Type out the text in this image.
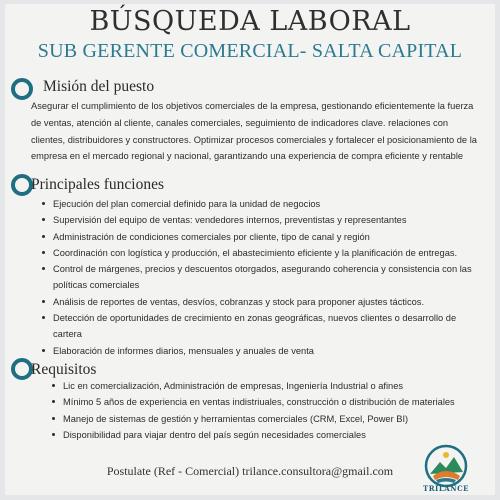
BÚSQUEDA LABORAL
SUB GERENTE COMERCIAL- SALTA CAPITAL
Misión del puesto

Asegurar el cumplimiento de los objetivos comerciales de la empresa, gestionando eficientemente la fuerza de ventas, atención al cliente, canales comerciales, seguimiento de indicadores clave. relaciones con clientes, distribuidores y constructores. Optimizar procesos comerciales y fortalecer el posicionamiento de la empresa en el mercado regional y nacional, garantizando una experiencia de compra eficiente y rentable

Principales funciones
Ejecución del plan comercial definido para la unidad de negocios
Supervisión del equipo de ventas: vendedores internos, preventistas y representantes
Administración de condiciones comerciales por cliente, tipo de canal y región
Coordinación con logística y producción, el abastecimiento eficiente y la planificación de entregas.
Control de márgenes, precios y descuentos otorgados, asegurando coherencia y consistencia con las políticas comerciales
Análisis de reportes de ventas, desvíos, cobranzas y stock para proponer ajustes tácticos.
Detección de oportunidades de crecimiento en zonas geográficas, nuevos clientes o desarrollo de cartera
Elaboración de informes diarios, mensuales y anuales de venta
Requisitos
Lic en comercialización, Administración de empresas, Ingeniería Industrial o afines
Mínimo 5 años de experiencia en ventas indistriuales, construcción o distribución de materiales
Manejo de sistemas de gestión y herramientas comerciales (CRM, Excel, Power BI)
Disponibilidad para viajar dentro del país según necesidades comerciales

Postulate (Ref - Comercial) trilance.consultora@gmail.com

TRILANCE
